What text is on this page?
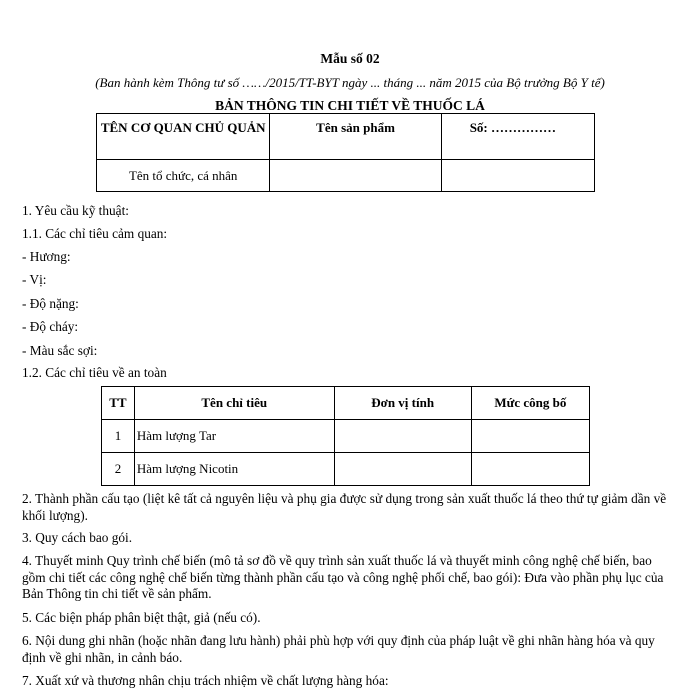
Mẫu số 02
(Ban hành kèm Thông tư số ……/2015/TT-BYT ngày ... tháng ... năm 2015 của Bộ trưởng Bộ Y tế)
BẢN THÔNG TIN CHI TIẾT VỀ THUỐC LÁ
TÊN CƠ QUAN CHỦ QUẢN	Tên sản phẩm	Số: ……………
Tên tổ chức, cá nhân		
1. Yêu cầu kỹ thuật:
1.1. Các chỉ tiêu cảm quan:
- Hương:
- Vị:
- Độ nặng:
- Độ cháy:
- Màu sắc sợi:
1.2. Các chỉ tiêu về an toàn
TT	Tên chỉ tiêu	Đơn vị tính	Mức công bố
1	Hàm lượng Tar		
2	Hàm lượng Nicotin		
2. Thành phần cấu tạo (liệt kê tất cả nguyên liệu và phụ gia được sử dụng trong sản xuất thuốc lá theo thứ tự giảm dần về khối lượng).
3. Quy cách bao gói.
4. Thuyết minh Quy trình chế biến (mô tả sơ đồ về quy trình sản xuất thuốc lá và thuyết minh công nghệ chế biến, bao gồm chi tiết các công nghệ chế biến từng thành phần cấu tạo và công nghệ phối chế, bao gói): Đưa vào phần phụ lục của Bản Thông tin chi tiết về sản phẩm.
5. Các biện pháp phân biệt thật, giả (nếu có).
6. Nội dung ghi nhãn (hoặc nhãn đang lưu hành) phải phù hợp với quy định của pháp luật về ghi nhãn hàng hóa và quy định về ghi nhãn, in cảnh báo.
7. Xuất xứ và thương nhân chịu trách nhiệm về chất lượng hàng hóa:
